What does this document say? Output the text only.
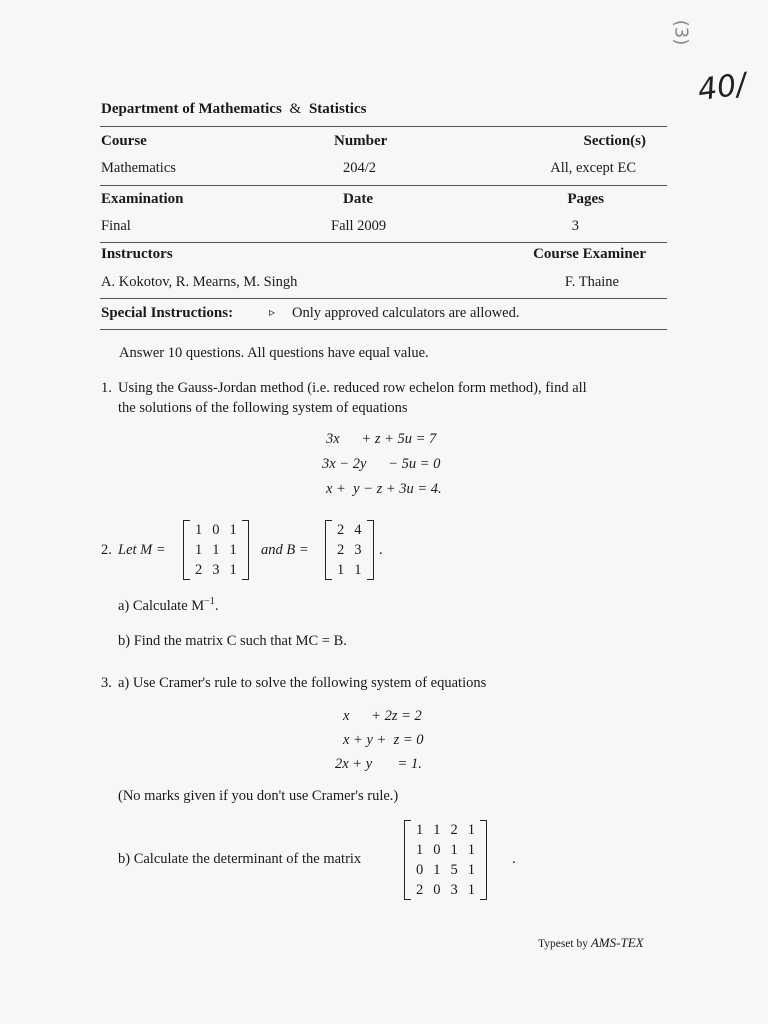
(3)
40/
Department of Mathematics & Statistics
Course	Number	Section(s)
Mathematics	204/2	All, except EC
Examination	Date	Pages
Final	Fall 2009	3
Instructors	Course Examiner
A. Kokotov, R. Mearns, M. Singh	F. Thaine
Special Instructions:	▹ Only approved calculators are allowed.
Answer 10 questions. All questions have equal value.
1. Using the Gauss-Jordan method (i.e. reduced row echelon form method), find all
the solutions of the following system of equations
3x      + z + 5u = 7
3x − 2y      − 5u = 0
x +  y − z + 3u = 4.
2. Let M =
1	0	1
1	1	1
2	3	1
and B =
2	4
2	3
1	1
.
a) Calculate $M^{-1}$.
b) Find the matrix C such that MC = B.
3. a) Use Cramer's rule to solve the following system of equations
x      + 2z = 2
x + y +  z = 0
2x + y       = 1.
(No marks given if you don't use Cramer's rule.)
b) Calculate the determinant of the matrix
1	1	2	1
1	0	1	1
0	1	5	1
2	0	3	1
.
Typeset by AMS-TEX
